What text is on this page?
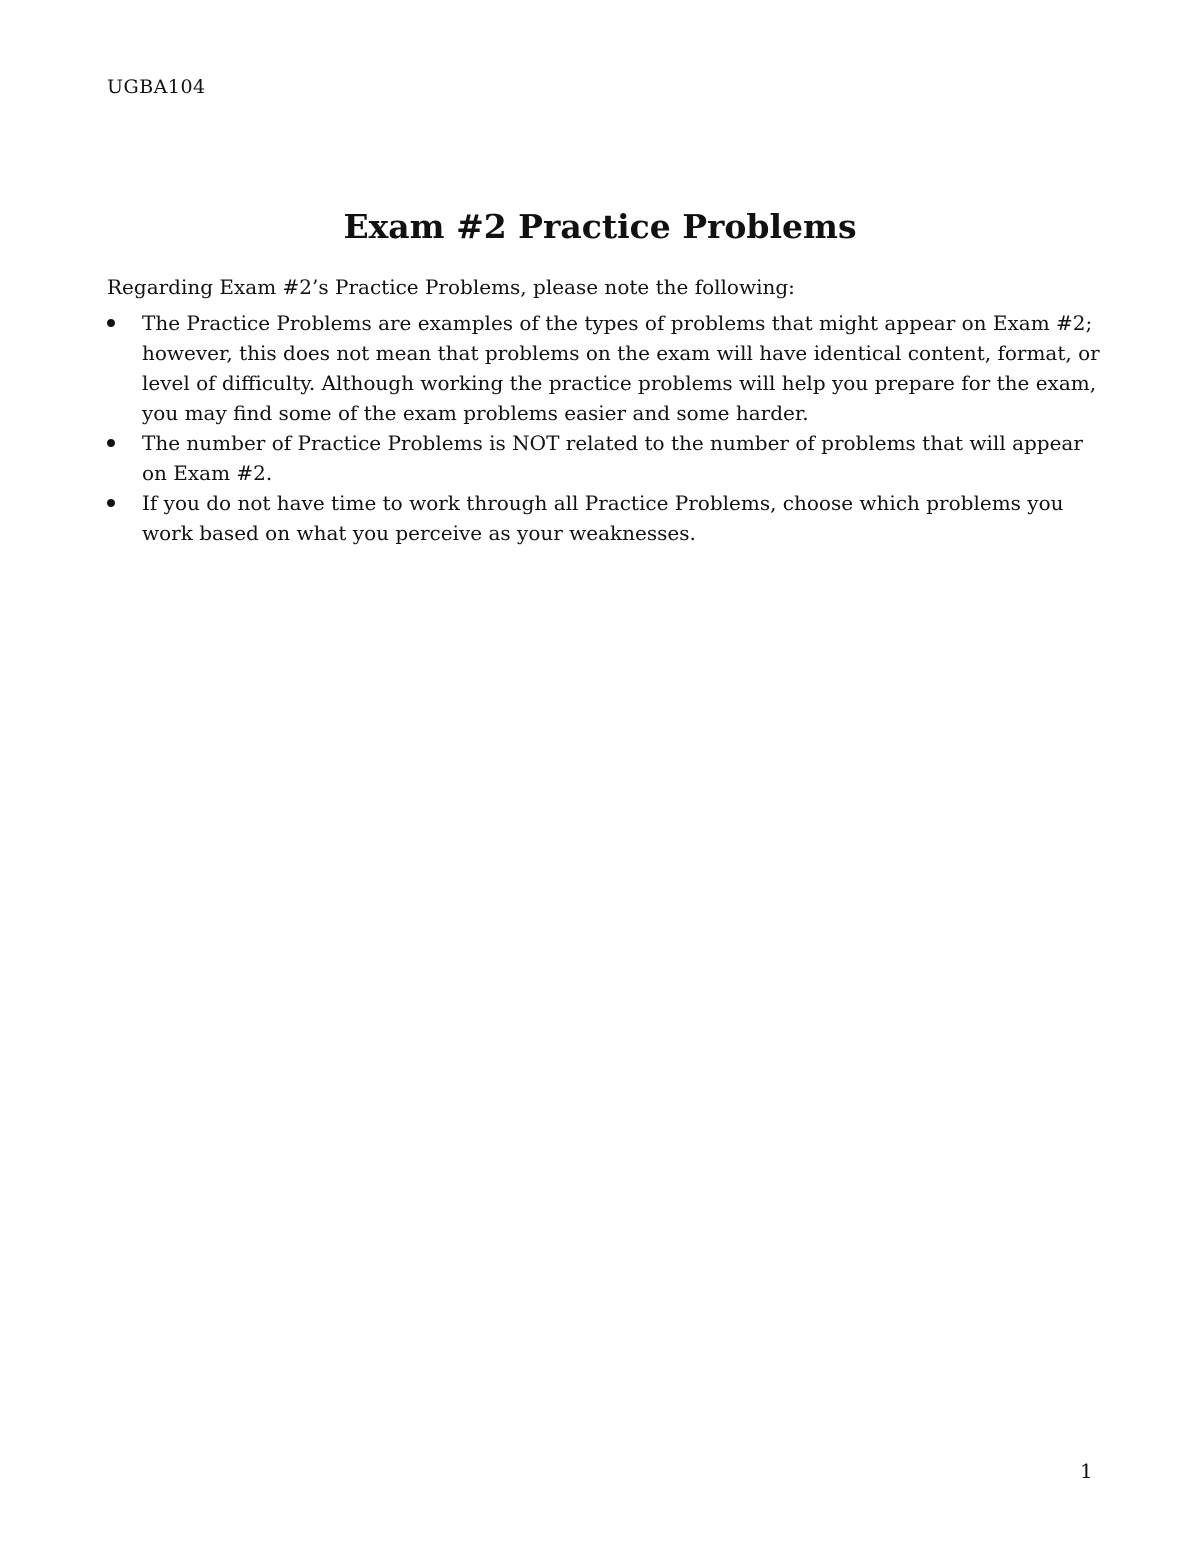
UGBA104
Exam #2 Practice Problems

Regarding Exam #2’s Practice Problems, please note the following:

The Practice Problems are examples of the types of problems that might appear on Exam #2;
however, this does not mean that problems on the exam will have identical content, format, or
level of difficulty. Although working the practice problems will help you prepare for the exam,
you may find some of the exam problems easier and some harder.
The number of Practice Problems is NOT related to the number of problems that will appear
on Exam #2.
If you do not have time to work through all Practice Problems, choose which problems you
work based on what you perceive as your weaknesses.
1
